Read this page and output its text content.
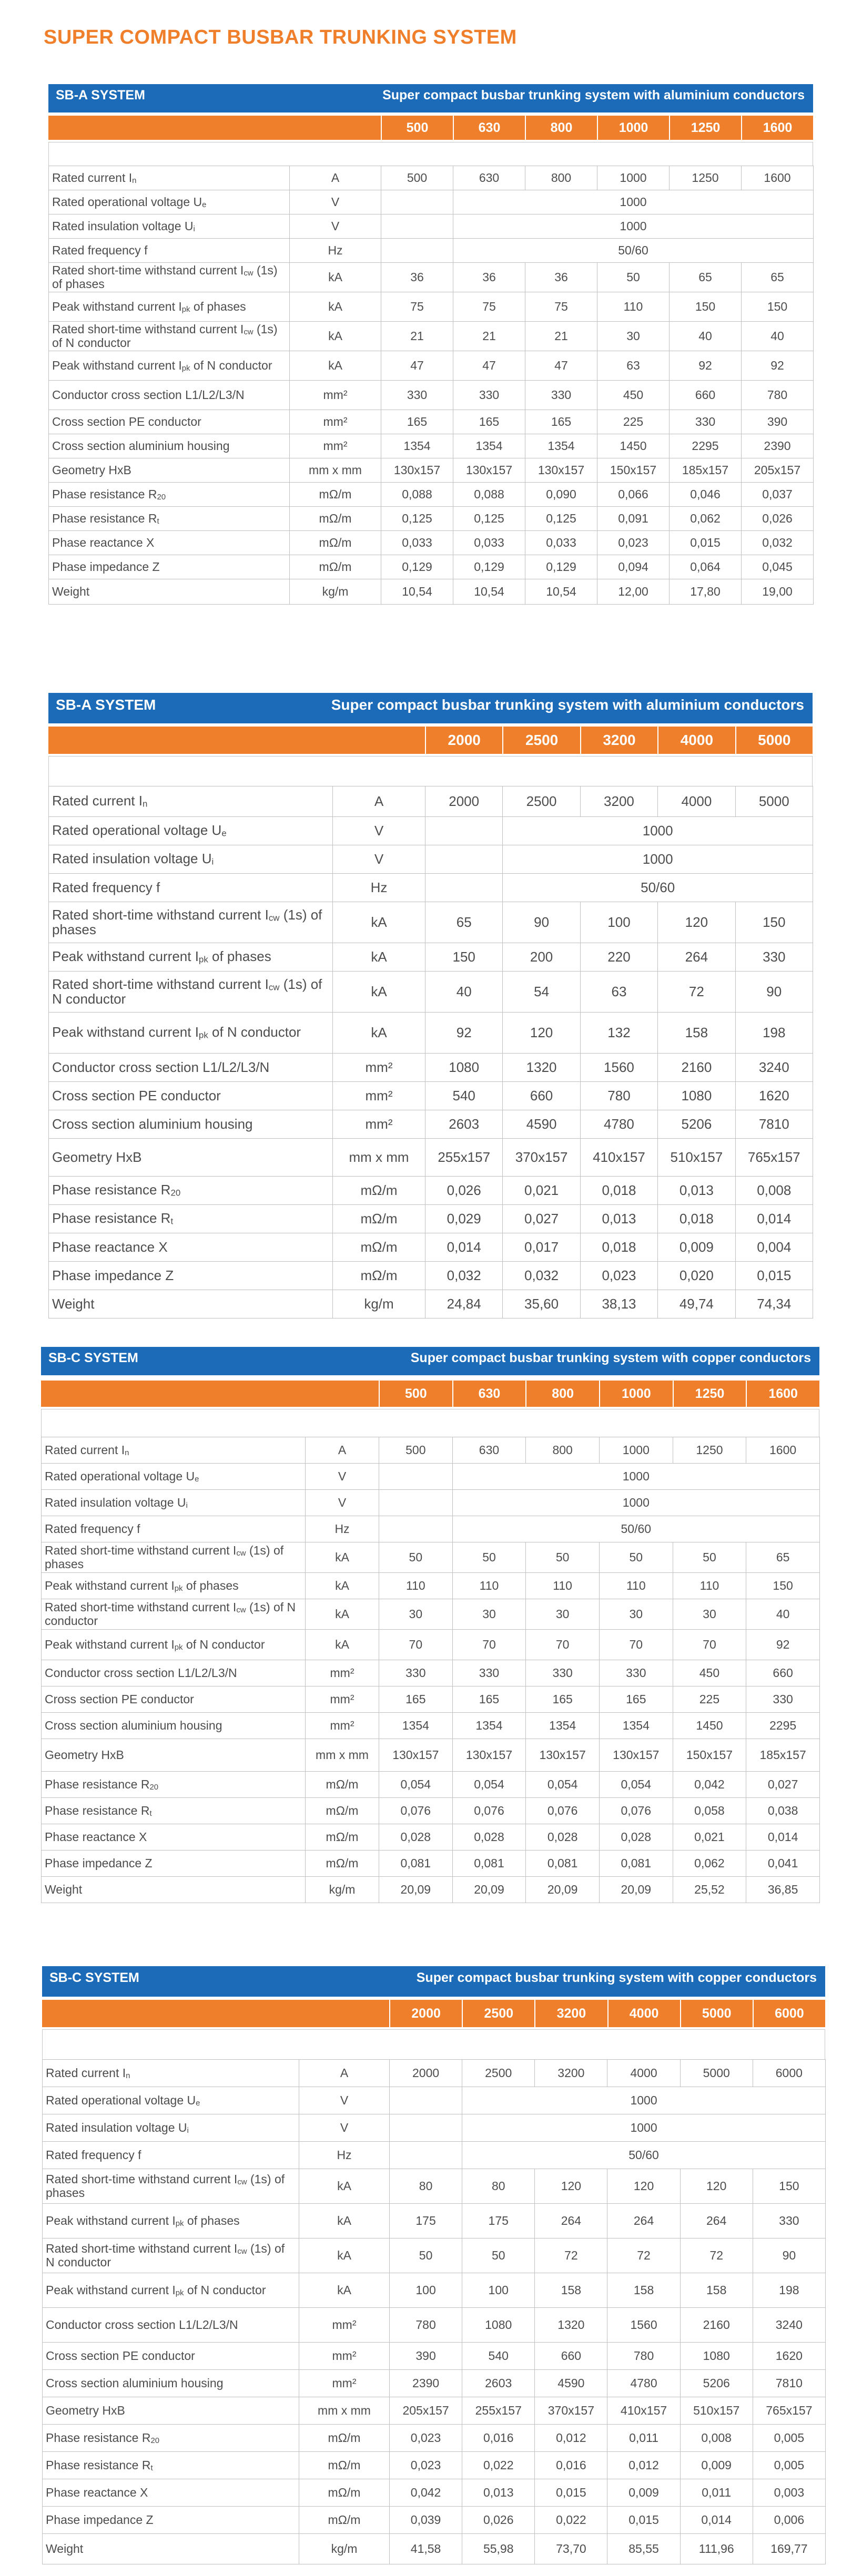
SUPER COMPACT BUSBAR TRUNKING SYSTEM
SB-A SYSTEM	Super compact busbar trunking system with aluminium conductors
500	630	800	1000	1250	1600
Rated current $I_n$	A	500	630	800	1000	1250	1600
Rated operational voltage $U_e$	V		1000				
Rated insulation voltage $U_i$	V		1000				
Rated frequency f	Hz		50/60				
Rated short-time withstand current $I_{cw}$ (1s) of phases	kA	36	36	36	50	65	65
Peak withstand current $I_{pk}$ of phases	kA	75	75	75	110	150	150
Rated short-time withstand current $I_{cw}$ (1s) of N conductor	kA	21	21	21	30	40	40
Peak withstand current $I_{pk}$ of N conductor	kA	47	47	47	63	92	92
Conductor cross section L1/L2/L3/N	mm²	330	330	330	450	660	780
Cross section PE conductor	mm²	165	165	165	225	330	390
Cross section aluminium housing	mm²	1354	1354	1354	1450	2295	2390
Geometry HxB	mm x mm	130x157	130x157	130x157	150x157	185x157	205x157
Phase resistance $R_{20}$	mΩ/m	0,088	0,088	0,090	0,066	0,046	0,037
Phase resistance $R_t$	mΩ/m	0,125	0,125	0,125	0,091	0,062	0,026
Phase reactance X	mΩ/m	0,033	0,033	0,033	0,023	0,015	0,032
Phase impedance Z	mΩ/m	0,129	0,129	0,129	0,094	0,064	0,045
Weight	kg/m	10,54	10,54	10,54	12,00	17,80	19,00
SB-A SYSTEM	Super compact busbar trunking system with aluminium conductors
2000	2500	3200	4000	5000
Rated current $I_n$	A	2000	2500	3200	4000	5000
Rated operational voltage $U_e$	V		1000			
Rated insulation voltage $U_i$	V		1000			
Rated frequency f	Hz		50/60			
Rated short-time withstand current $I_{cw}$ (1s) of phases	kA	65	90	100	120	150
Peak withstand current $I_{pk}$ of phases	kA	150	200	220	264	330
Rated short-time withstand current $I_{cw}$ (1s) of N conductor	kA	40	54	63	72	90
Peak withstand current $I_{pk}$ of N conductor	kA	92	120	132	158	198
Conductor cross section L1/L2/L3/N	mm²	1080	1320	1560	2160	3240
Cross section PE conductor	mm²	540	660	780	1080	1620
Cross section aluminium housing	mm²	2603	4590	4780	5206	7810
Geometry HxB	mm x mm	255x157	370x157	410x157	510x157	765x157
Phase resistance $R_{20}$	mΩ/m	0,026	0,021	0,018	0,013	0,008
Phase resistance $R_t$	mΩ/m	0,029	0,027	0,013	0,018	0,014
Phase reactance X	mΩ/m	0,014	0,017	0,018	0,009	0,004
Phase impedance Z	mΩ/m	0,032	0,032	0,023	0,020	0,015
Weight	kg/m	24,84	35,60	38,13	49,74	74,34
SB-C SYSTEM	Super compact busbar trunking system with copper conductors
500	630	800	1000	1250	1600
Rated current $I_n$	A	500	630	800	1000	1250	1600
Rated operational voltage $U_e$	V		1000				
Rated insulation voltage $U_i$	V		1000				
Rated frequency f	Hz		50/60				
Rated short-time withstand current $I_{cw}$ (1s) of phases	kA	50	50	50	50	50	65
Peak withstand current $I_{pk}$ of phases	kA	110	110	110	110	110	150
Rated short-time withstand current $I_{cw}$ (1s) of N conductor	kA	30	30	30	30	30	40
Peak withstand current $I_{pk}$ of N conductor	kA	70	70	70	70	70	92
Conductor cross section L1/L2/L3/N	mm²	330	330	330	330	450	660
Cross section PE conductor	mm²	165	165	165	165	225	330
Cross section aluminium housing	mm²	1354	1354	1354	1354	1450	2295
Geometry HxB	mm x mm	130x157	130x157	130x157	130x157	150x157	185x157
Phase resistance $R_{20}$	mΩ/m	0,054	0,054	0,054	0,054	0,042	0,027
Phase resistance $R_t$	mΩ/m	0,076	0,076	0,076	0,076	0,058	0,038
Phase reactance X	mΩ/m	0,028	0,028	0,028	0,028	0,021	0,014
Phase impedance Z	mΩ/m	0,081	0,081	0,081	0,081	0,062	0,041
Weight	kg/m	20,09	20,09	20,09	20,09	25,52	36,85
SB-C SYSTEM	Super compact busbar trunking system with copper conductors
2000	2500	3200	4000	5000	6000
Rated current $I_n$	A	2000	2500	3200	4000	5000	6000
Rated operational voltage $U_e$	V		1000				
Rated insulation voltage $U_i$	V		1000				
Rated frequency f	Hz		50/60				
Rated short-time withstand current $I_{cw}$ (1s) of phases	kA	80	80	120	120	120	150
Peak withstand current $I_{pk}$ of phases	kA	175	175	264	264	264	330
Rated short-time withstand current $I_{cw}$ (1s) of N conductor	kA	50	50	72	72	72	90
Peak withstand current $I_{pk}$ of N conductor	kA	100	100	158	158	158	198
Conductor cross section L1/L2/L3/N	mm²	780	1080	1320	1560	2160	3240
Cross section PE conductor	mm²	390	540	660	780	1080	1620
Cross section aluminium housing	mm²	2390	2603	4590	4780	5206	7810
Geometry HxB	mm x mm	205x157	255x157	370x157	410x157	510x157	765x157
Phase resistance $R_{20}$	mΩ/m	0,023	0,016	0,012	0,011	0,008	0,005
Phase resistance $R_t$	mΩ/m	0,023	0,022	0,016	0,012	0,009	0,005
Phase reactance X	mΩ/m	0,042	0,013	0,015	0,009	0,011	0,003
Phase impedance Z	mΩ/m	0,039	0,026	0,022	0,015	0,014	0,006
Weight	kg/m	41,58	55,98	73,70	85,55	111,96	169,77
